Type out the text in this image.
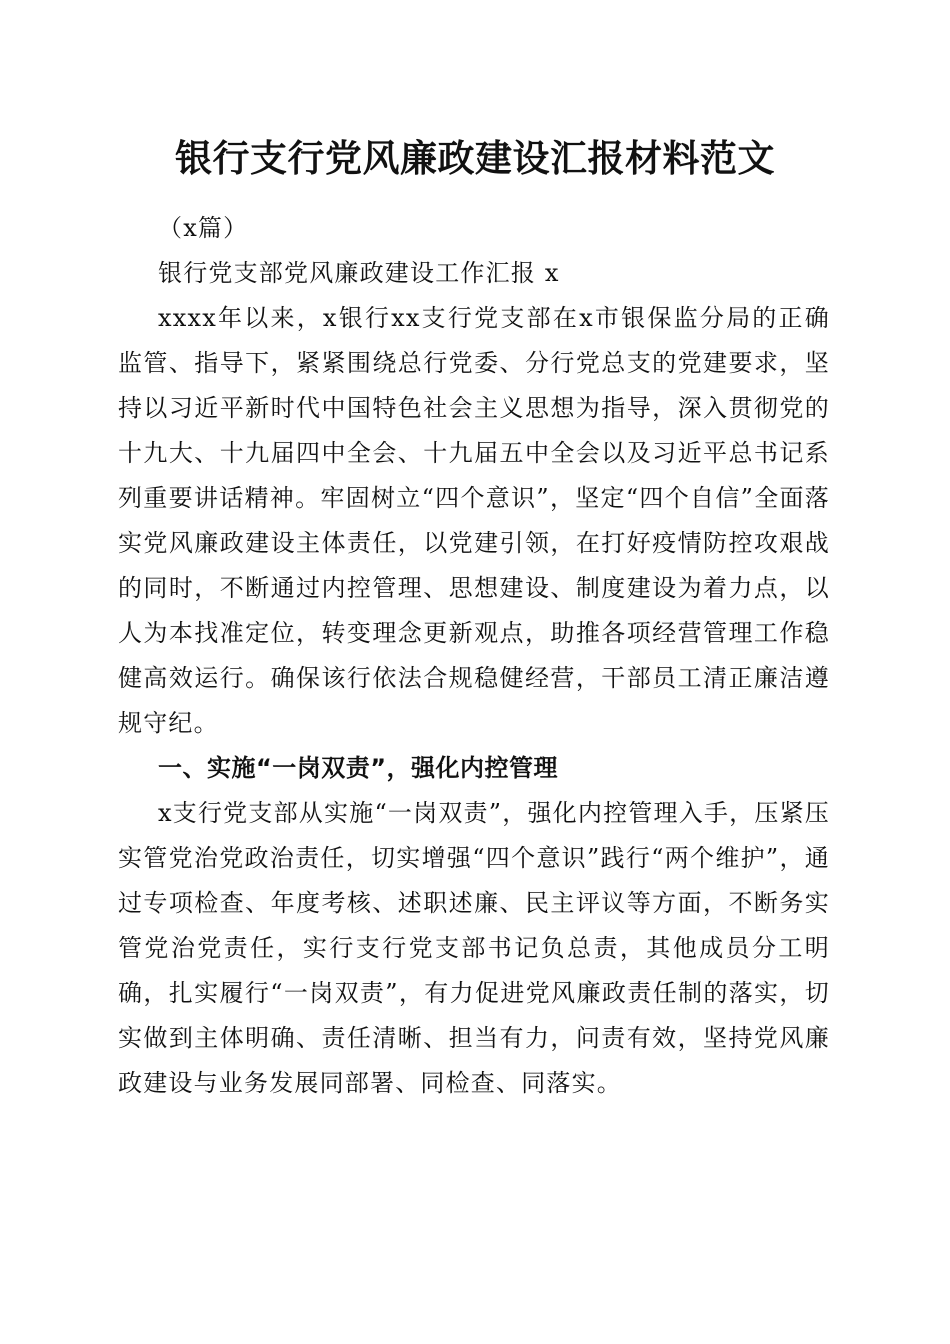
银行支行党风廉政建设汇报材料范文

（x篇）

银行党支部党风廉政建设工作汇报 x

xxxx年以来，x银行xx支行党支部在x市银保监分局的正确监管、指导下，紧紧围绕总行党委、分行党总支的党建要求，坚持以习近平新时代中国特色社会主义思想为指导，深入贯彻党的十九大、十九届四中全会、十九届五中全会以及习近平总书记系列重要讲话精神。牢固树立“四个意识”，坚定“四个自信”全面落实党风廉政建设主体责任，以党建引领，在打好疫情防控攻艰战的同时，不断通过内控管理、思想建设、制度建设为着力点，以人为本找准定位，转变理念更新观点，助推各项经营管理工作稳健高效运行。确保该行依法合规稳健经营，干部员工清正廉洁遵规守纪。

一、实施“一岗双责”，强化内控管理

x支行党支部从实施“一岗双责”，强化内控管理入手，压紧压实管党治党政治责任，切实增强“四个意识”践行“两个维护”，通过专项检查、年度考核、述职述廉、民主评议等方面，不断务实管党治党责任，实行支行党支部书记负总责，其他成员分工明确，扎实履行“一岗双责”，有力促进党风廉政责任制的落实，切实做到主体明确、责任清晰、担当有力，问责有效，坚持党风廉政建设与业务发展同部署、同检查、同落实。
